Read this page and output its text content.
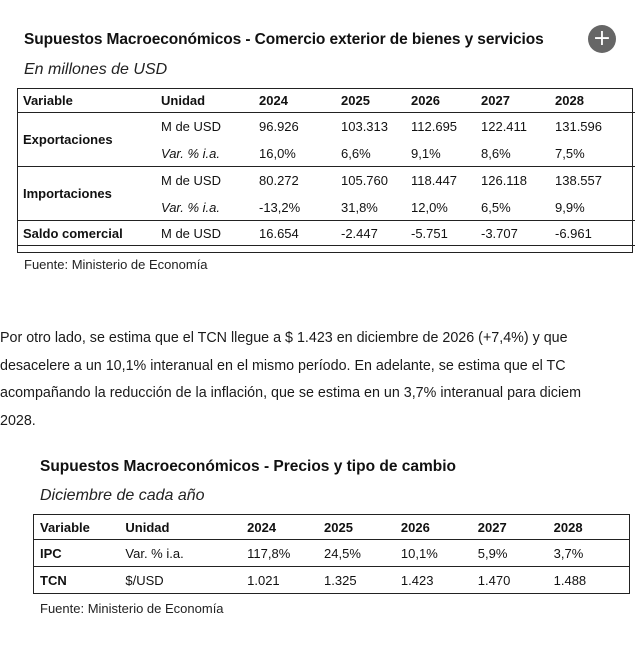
Supuestos Macroeconómicos - Comercio exterior de bienes y servicios +
En millones de USD
Variable	Unidad	2024	2025	2026	2027	2028
Exportaciones	M de USD	96.926	103.313	112.695	122.411	131.596
	Var. % i.a.	16,0%	6,6%	9,1%	8,6%	7,5%
Importaciones	M de USD	80.272	105.760	118.447	126.118	138.557
	Var. % i.a.	-13,2%	31,8%	12,0%	6,5%	9,9%
Saldo comercial	M de USD	16.654	-2.447	-5.751	-3.707	-6.961
Fuente: Ministerio de Economía
Por otro lado, se estima que el TCN llegue a $ 1.423 en diciembre de 2026 (+7,4%) y que
desacelere a un 10,1% interanual en el mismo período. En adelante, se estima que el TC
acompañando la reducción de la inflación, que se estima en un 3,7% interanual para diciem
2028.
Supuestos Macroeconómicos - Precios y tipo de cambio
Diciembre de cada año
Variable	Unidad	2024	2025	2026	2027	2028
IPC	Var. % i.a.	117,8%	24,5%	10,1%	5,9%	3,7%
TCN	$/USD	1.021	1.325	1.423	1.470	1.488
Fuente: Ministerio de Economía
